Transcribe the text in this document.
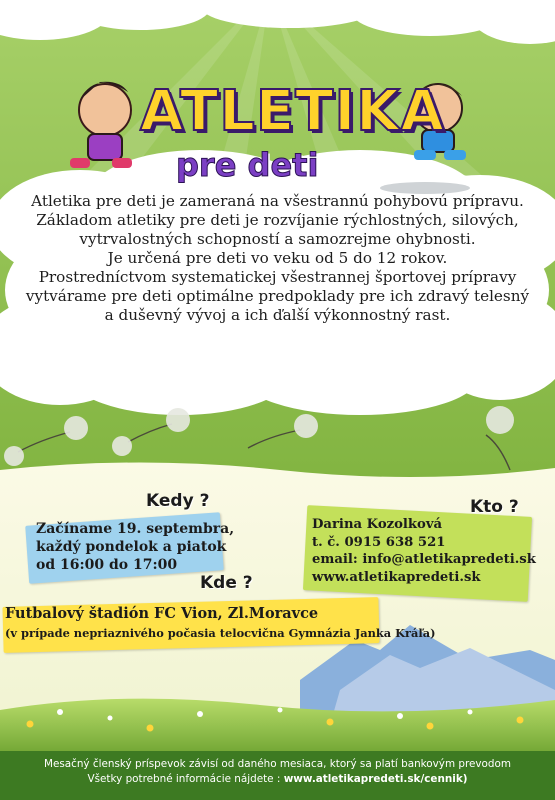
ATLETIKA
pre deti
Atletika pre deti je zameraná na všestrannú pohybovú prípravu.
Základom atletiky pre deti je rozvíjanie rýchlostných, silových,
vytrvalostných schopností a samozrejme ohybnosti.
Je určená pre deti vo veku od 5 do 12 rokov.
Prostredníctvom systematickej všestrannej športovej prípravy
vytvárame pre deti optimálne predpoklady pre ich zdravý telesný
a duševný vývoj a ich ďalší výkonnostný rast.
Kedy ?
Začíname 19. septembra,
každý pondelok a piatok
od 16:00 do 17:00
Kto ?
Darina Kozolková
t. č. 0915 638 521
email: info@atletikapredeti.sk
www.atletikapredeti.sk
Kde ?
Futbalový štadión FC Vion, Zl.Moravce
(v prípade nepriaznivého počasia telocvična Gymnázia Janka Kráľa)
Mesačný členský príspevok závisí od daného mesiaca, ktorý sa platí bankovým prevodom
Všetky potrebné informácie nájdete : www.atletikapredeti.sk/cennik)
